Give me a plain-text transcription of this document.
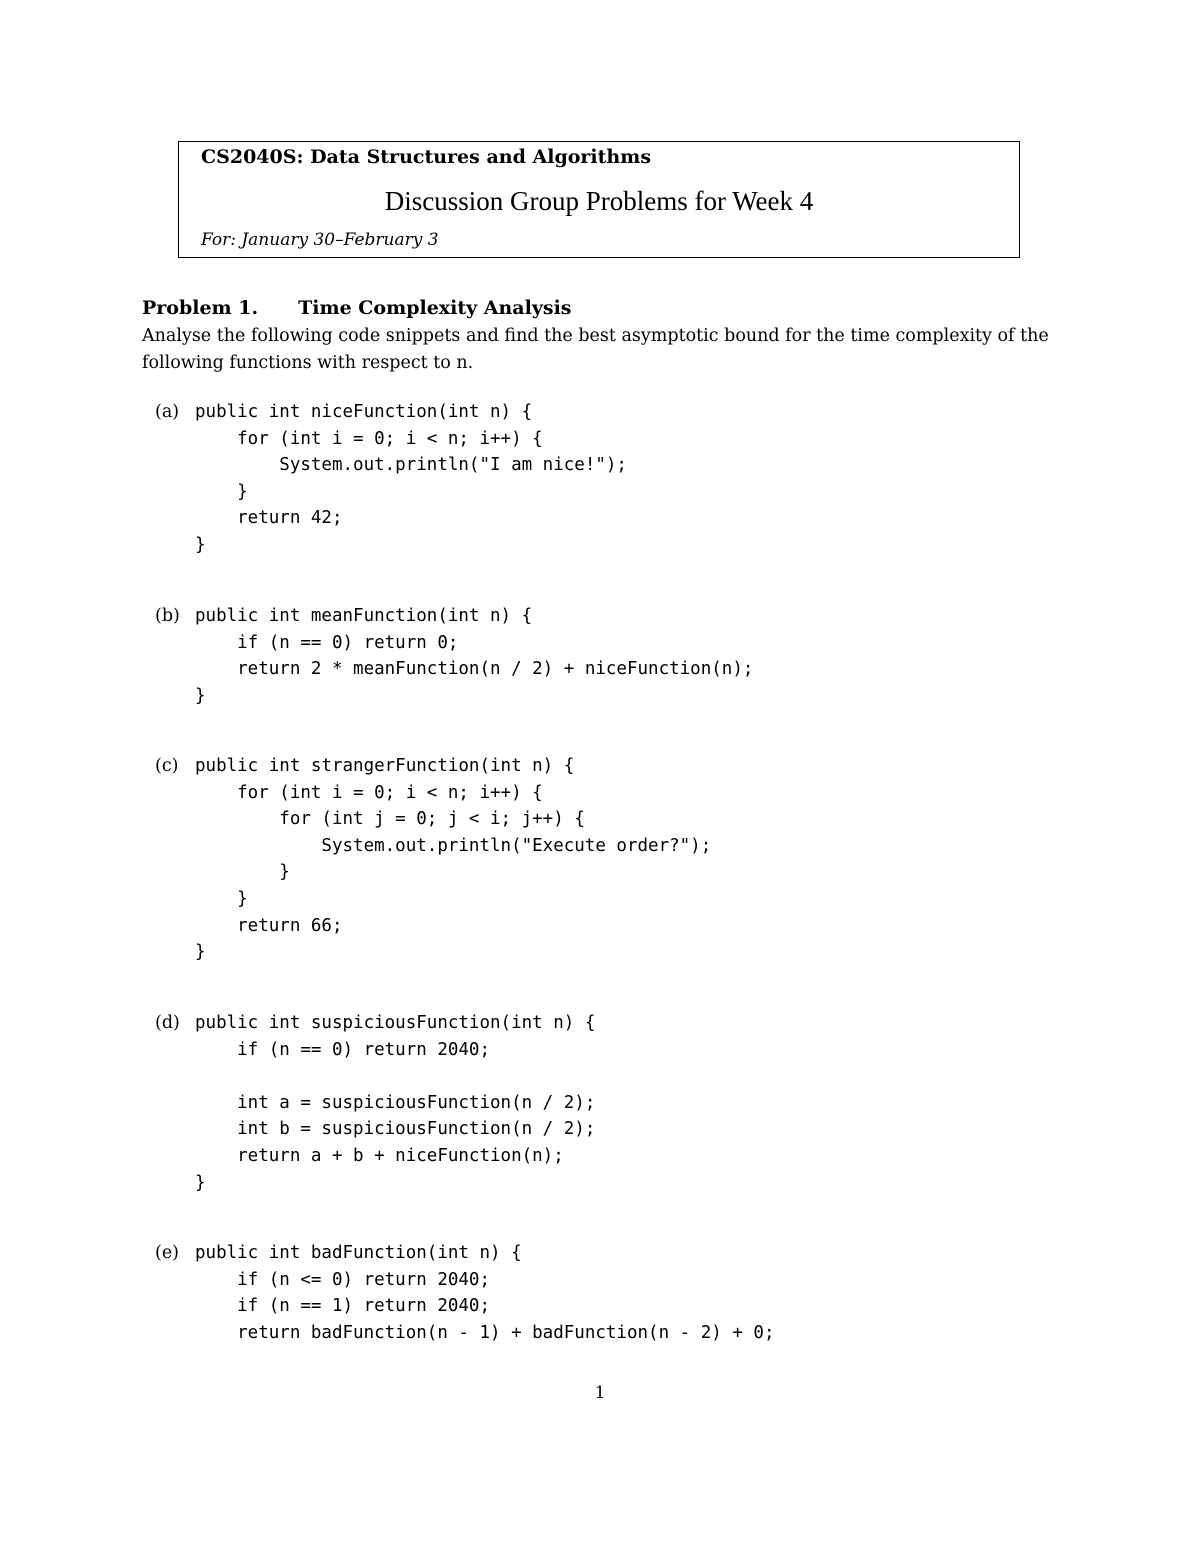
CS2040S: Data Structures and Algorithms
Discussion Group Problems for Week 4
For: January 30–February 3
Problem 1. Time Complexity Analysis
Analyse the following code snippets and find the best asymptotic bound for the time complexity of the following functions with respect to n.
(a) public int niceFunction(int n) {
for (int i = 0; i < n; i++) {
System.out.println("I am nice!");
}
return 42;
}
(b) public int meanFunction(int n) {
if (n == 0) return 0;
return 2 * meanFunction(n / 2) + niceFunction(n);
}
(c) public int strangerFunction(int n) {
for (int i = 0; i < n; i++) {
for (int j = 0; j < i; j++) {
System.out.println("Execute order?");
}
}
return 66;
}
(d) public int suspiciousFunction(int n) {
if (n == 0) return 2040;

int a = suspiciousFunction(n / 2);
int b = suspiciousFunction(n / 2);
return a + b + niceFunction(n);
}
(e) public int badFunction(int n) {
if (n <= 0) return 2040;
if (n == 1) return 2040;
return badFunction(n - 1) + badFunction(n - 2) + 0;
1
